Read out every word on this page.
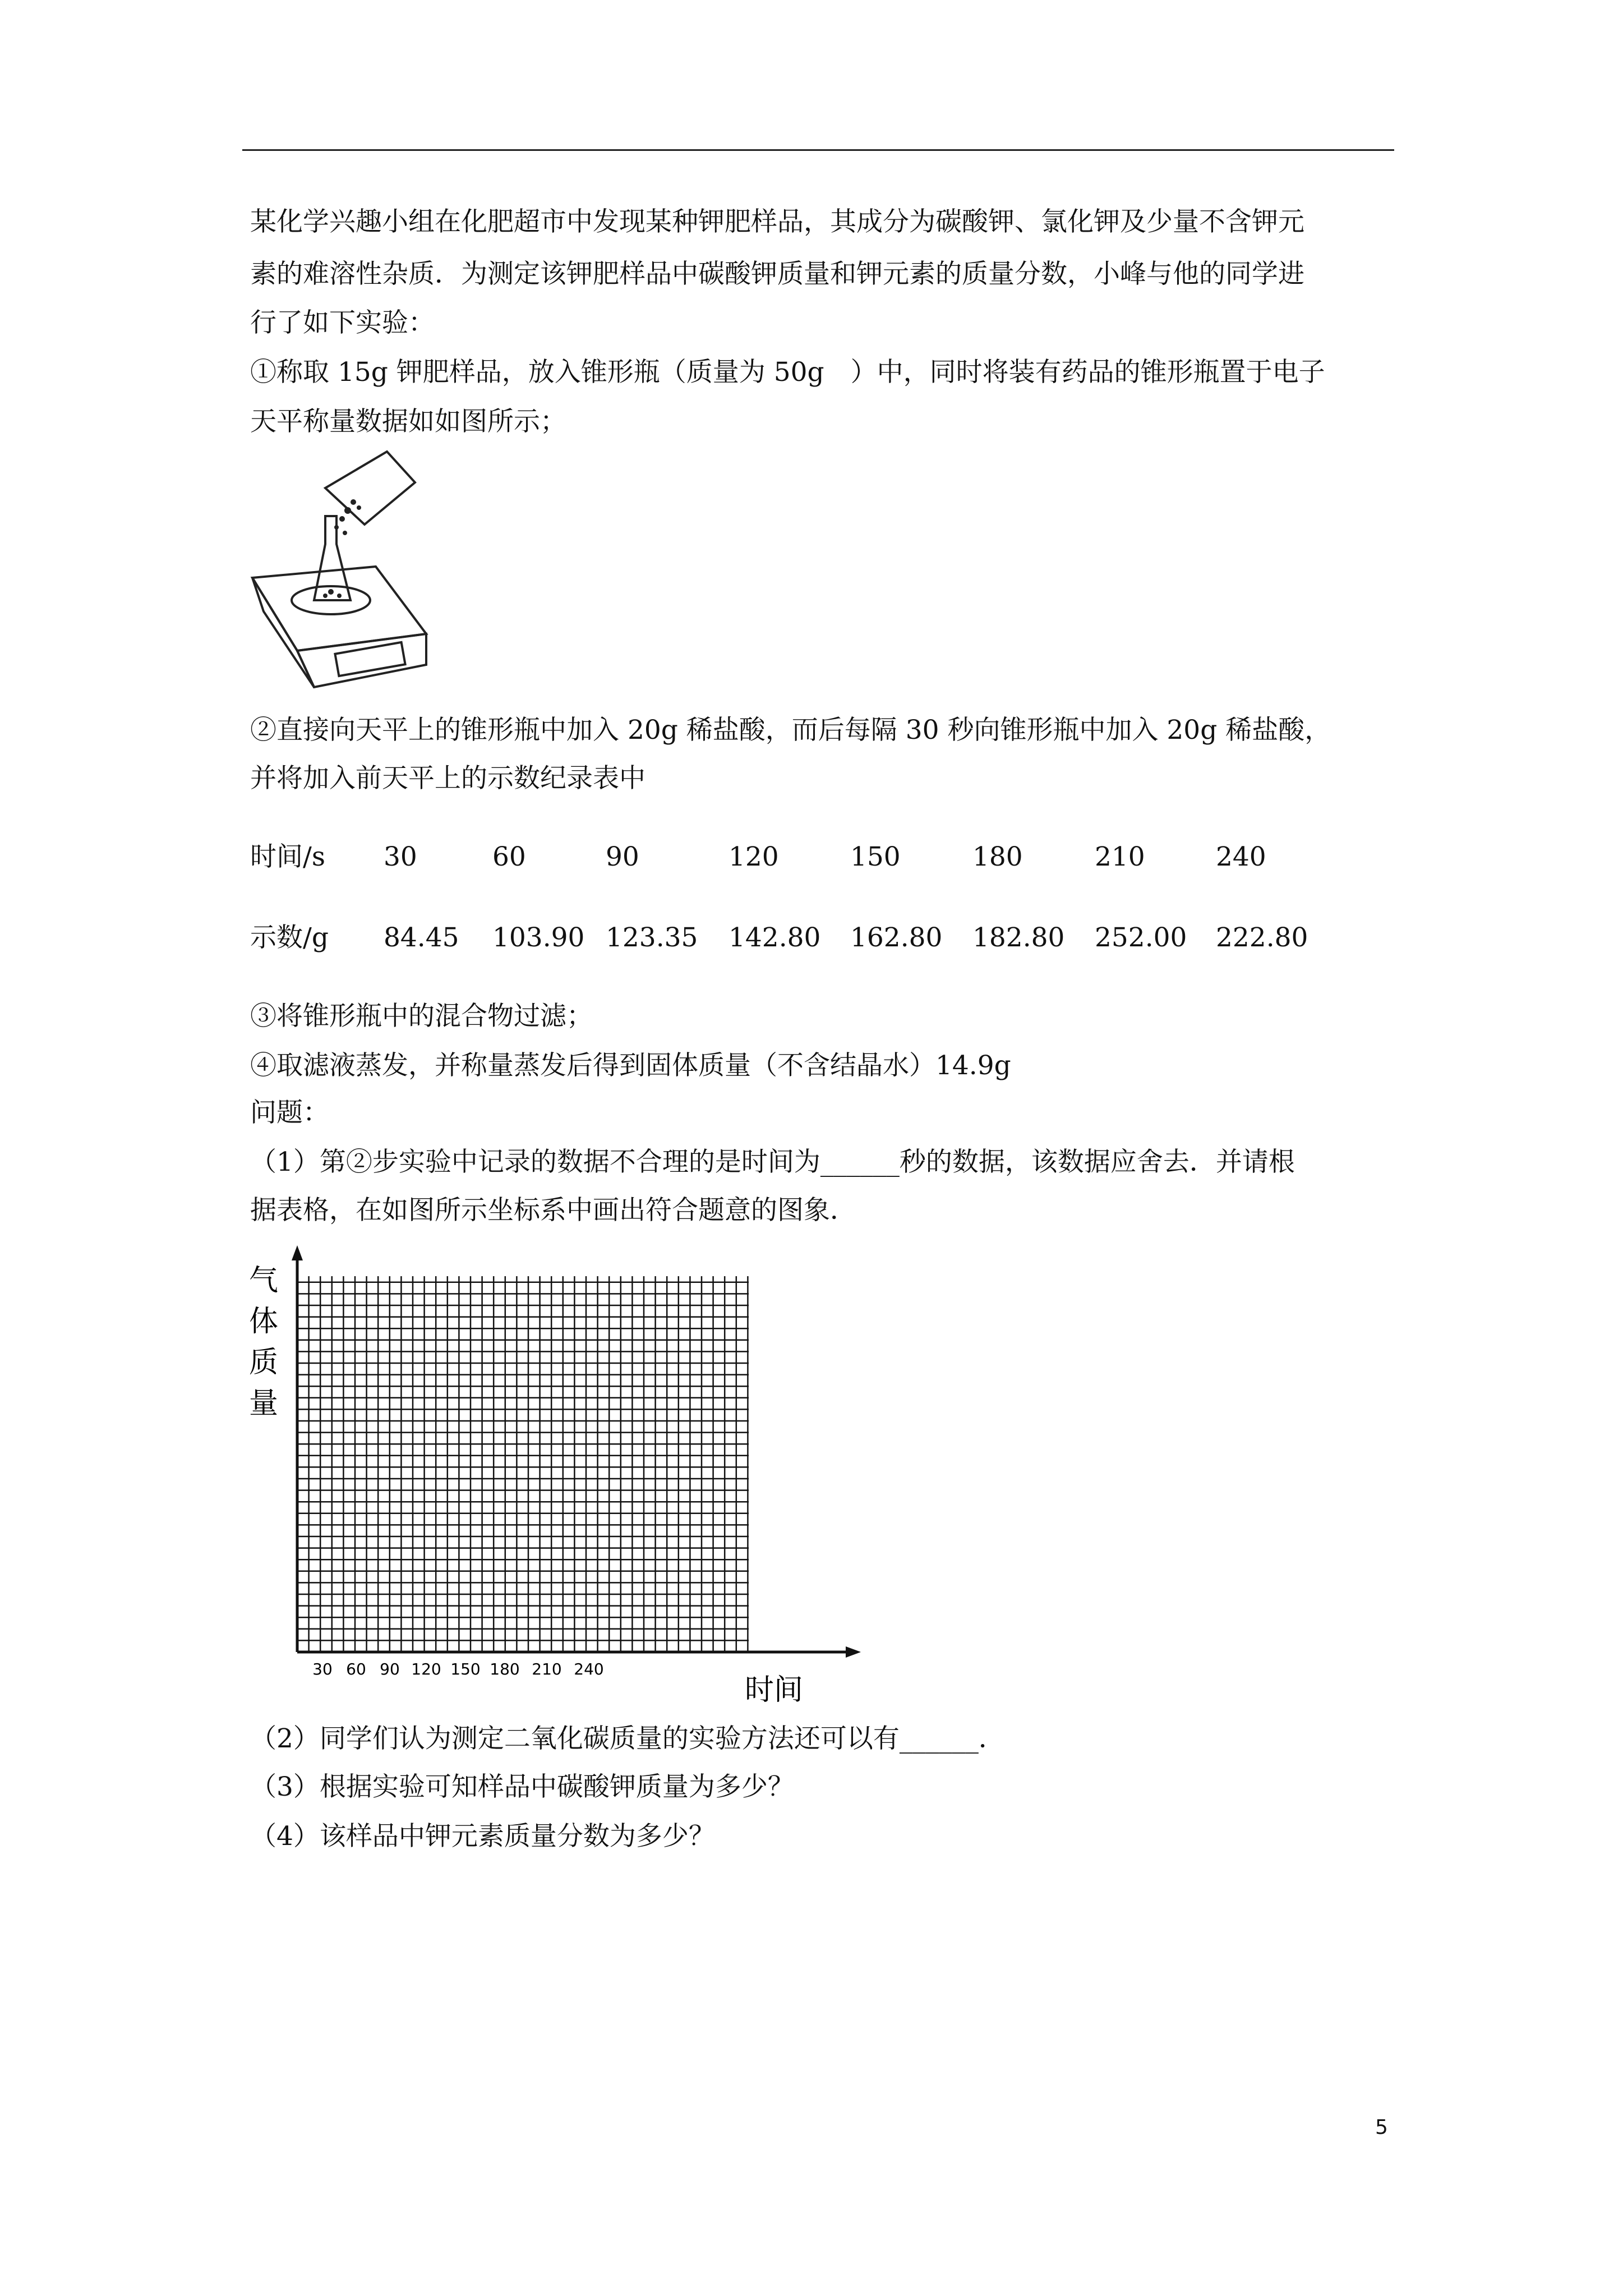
某化学兴趣小组在化肥超市中发现某种钾肥样品，其成分为碳酸钾、氯化钾及少量不含钾元
素的难溶性杂质．为测定该钾肥样品中碳酸钾质量和钾元素的质量分数，小峰与他的同学进
行了如下实验：
①称取 15g 钾肥样品，放入锥形瓶（质量为 50g　）中，同时将装有药品的锥形瓶置于电子
天平称量数据如如图所示；
②直接向天平上的锥形瓶中加入 20g 稀盐酸，而后每隔 30 秒向锥形瓶中加入 20g 稀盐酸，
并将加入前天平上的示数纪录表中
时间/s 30	60	90	120	150	180	210	240
示数/g 84.45 103.90 123.35 142.80 162.80 182.80 252.00 222.80
③将锥形瓶中的混合物过滤；
④取滤液蒸发，并称量蒸发后得到固体质量（不含结晶水）14.9g
问题：
（1）第②步实验中记录的数据不合理的是时间为______秒的数据，该数据应舍去．并请根
据表格，在如图所示坐标系中画出符合题意的图象．
气
体
质
量
30 60 90 120 150 180 210 240
时间
（2）同学们认为测定二氧化碳质量的实验方法还可以有______．
（3）根据实验可知样品中碳酸钾质量为多少？
（4）该样品中钾元素质量分数为多少？
5
